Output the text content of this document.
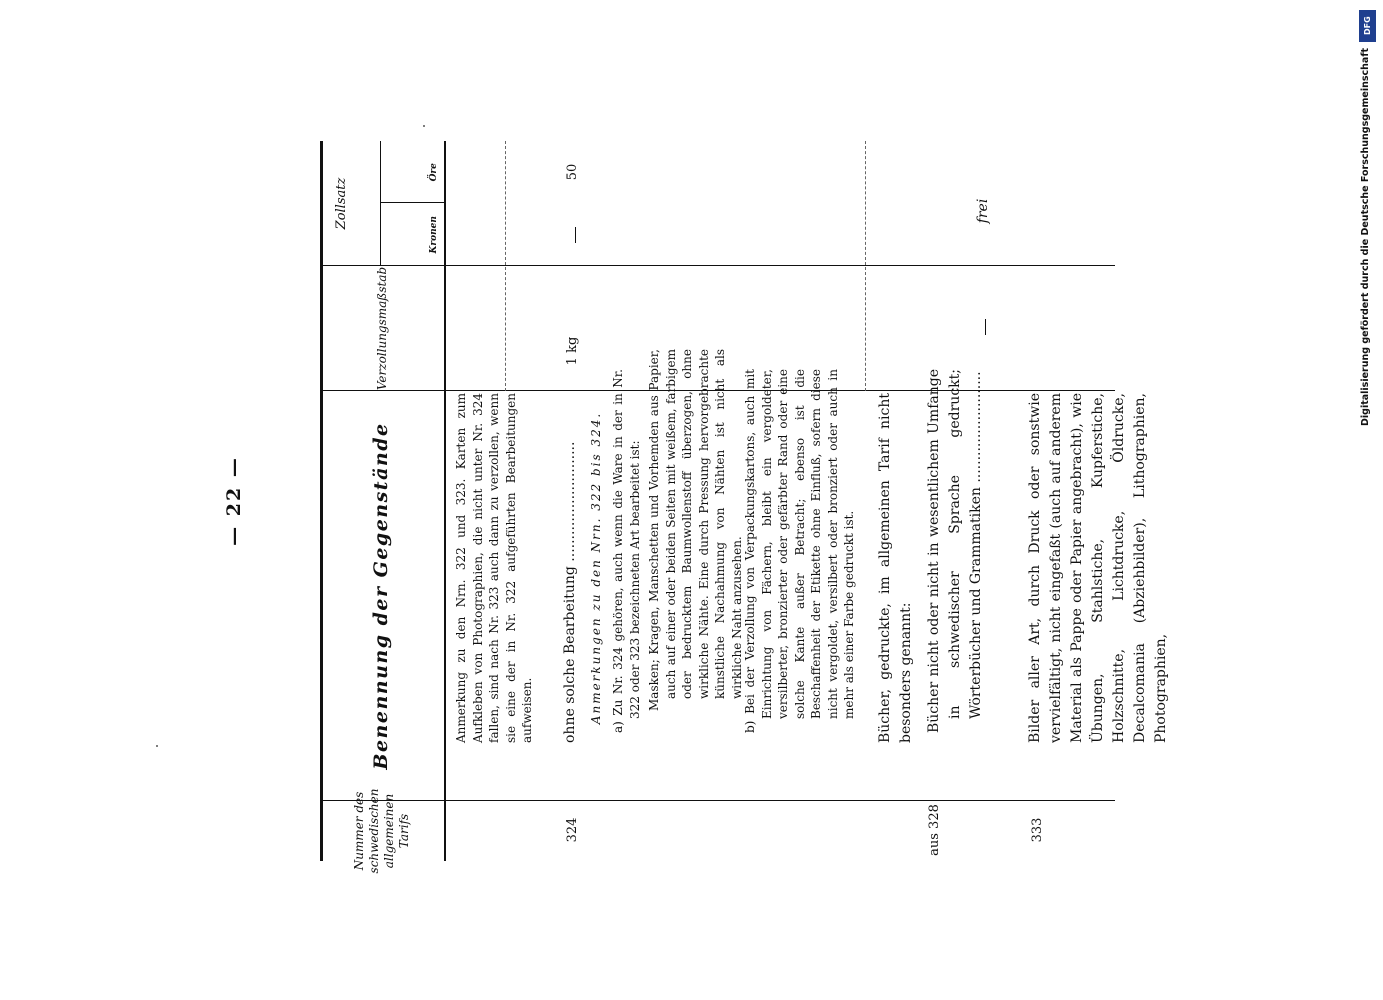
— 22 —
Nummer des schwedischen allgemeinen Tarifs
Benennung der Gegenstände
Verzollungsmaßstab
Zollsatz
Kronen
Öre
Anmerkung zu den Nrn. 322 und 323. Karten zum Aufkleben von Photographien, die nicht unter Nr. 324 fallen, sind nach Nr. 323 auch dann zu verzollen, wenn sie eine der in Nr. 322 aufgeführten Bearbeitungen aufweisen.
324
ohne solche Bearbeitung ...........................
1 kg
50
Anmerkungen zu den Nrn. 322 bis 324. a) Zu Nr. 324 gehören, auch wenn die Ware in der in Nr. 322 oder 323 bezeichneten Art bearbeitet ist: Masken; Kragen, Manschetten und Vorhemden aus Papier, auch auf einer oder beiden Seiten mit weißem, farbigem oder bedrucktem Baumwollenstoff überzogen, ohne wirkliche Nähte. Eine durch Pressung hervorgebrachte künstliche Nachahmung von Nähten ist nicht als wirkliche Naht anzusehen. b) Bei der Verzollung von Verpackungskartons, auch mit Einrichtung von Fächern, bleibt ein vergoldeter, versilberter, bronzierter oder gefärbter Rand oder eine solche Kante außer Betracht; ebenso ist die Beschaffenheit der Etikette ohne Einfluß, sofern diese nicht vergoldet, versilbert oder bronziert oder auch in mehr als einer Farbe gedruckt ist. Bücher, gedruckte, im allgemeinen Tarif nicht besonders genannt:
aus 328
Bücher nicht oder nicht in wesentlichem Umfange in schwedischer Sprache gedruckt; Wörterbücher und Grammatiken .........................
frei
333
Bilder aller Art, durch Druck oder sonstwie vervielfältigt, nicht eingefaßt (auch auf anderem Material als Pappe oder Papier angebracht), wie Übungen, Stahlstiche, Kupferstiche, Holzschnitte, Lichtdrucke, Öldrucke, Decalcomania (Abziehbilder), Lithographien, Photographien,
DFG
Digitalisierung gefördert durch die Deutsche Forschungsgemeinschaft
